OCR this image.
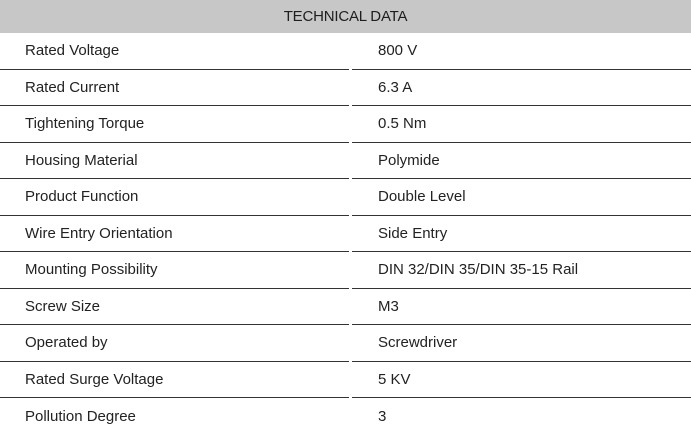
TECHNICAL DATA
Rated Voltage	800 V
Rated Current	6.3 A
Tightening Torque	0.5 Nm
Housing Material	Polymide
Product Function	Double Level
Wire Entry Orientation	Side Entry
Mounting Possibility	DIN 32/DIN 35/DIN 35-15 Rail
Screw Size	M3
Operated by	Screwdriver
Rated Surge Voltage	5 KV
Pollution Degree	3
